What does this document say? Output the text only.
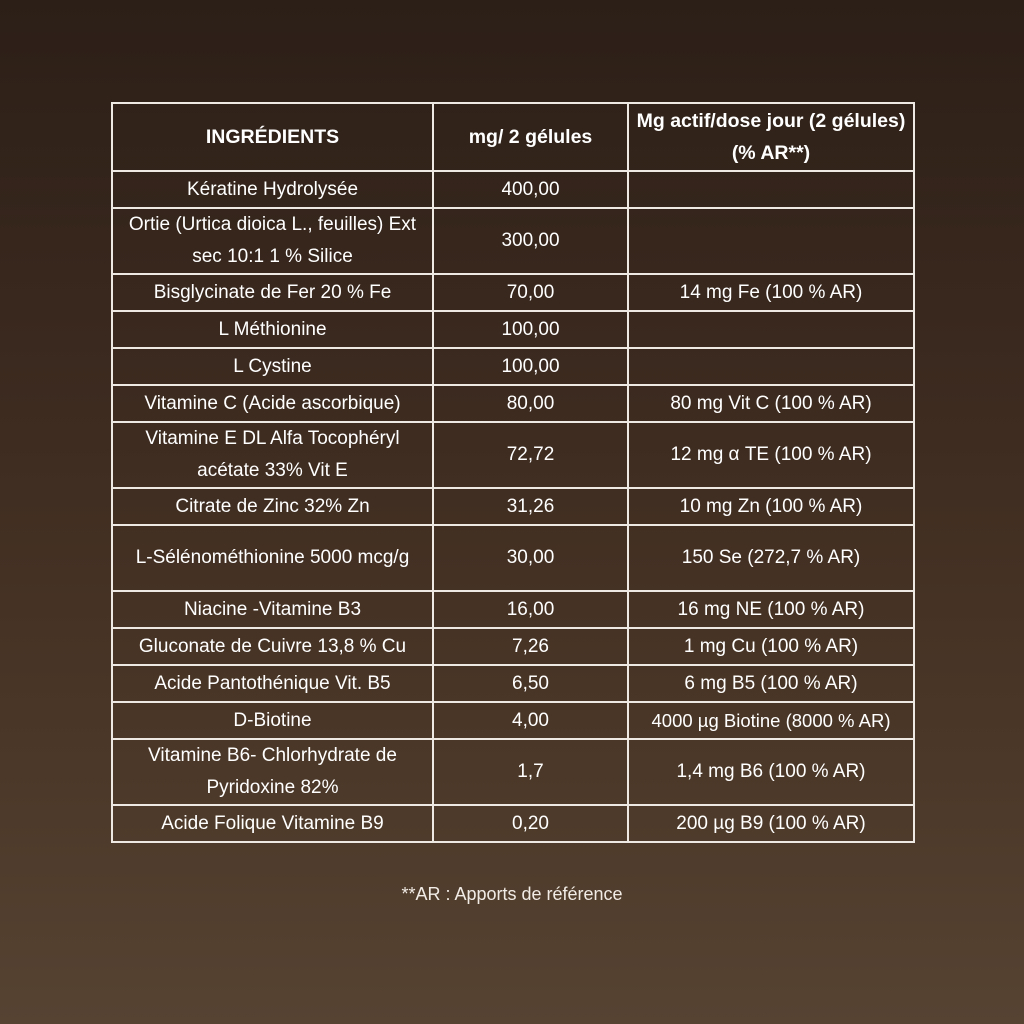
INGRÉDIENTS	mg/ 2 gélules	Mg actif/dose jour (2 gélules) (% AR**)
Kératine Hydrolysée	400,00	
Ortie (Urtica dioica L., feuilles) Ext sec 10:1 1 % Silice	300,00	
Bisglycinate de Fer 20 % Fe	70,00	14 mg Fe (100 % AR)
L Méthionine	100,00	
L Cystine	100,00	
Vitamine C (Acide ascorbique)	80,00	80 mg Vit C (100 % AR)
Vitamine E DL Alfa Tocophéryl acétate 33% Vit E	72,72	12 mg α TE (100 % AR)
Citrate de Zinc 32% Zn	31,26	10 mg Zn (100 % AR)
L-Sélénométhionine 5000 mcg/g	30,00	150 Se (272,7 % AR)
Niacine -Vitamine B3	16,00	16 mg NE (100 % AR)
Gluconate de Cuivre 13,8 % Cu	7,26	1 mg Cu (100 % AR)
Acide Pantothénique Vit. B5	6,50	6 mg B5 (100 % AR)
D-Biotine	4,00	4000 µg Biotine (8000 % AR)
Vitamine B6- Chlorhydrate de Pyridoxine 82%	1,7	1,4 mg B6 (100 % AR)
Acide Folique Vitamine B9	0,20	200 µg B9 (100 % AR)
**AR : Apports de référence
